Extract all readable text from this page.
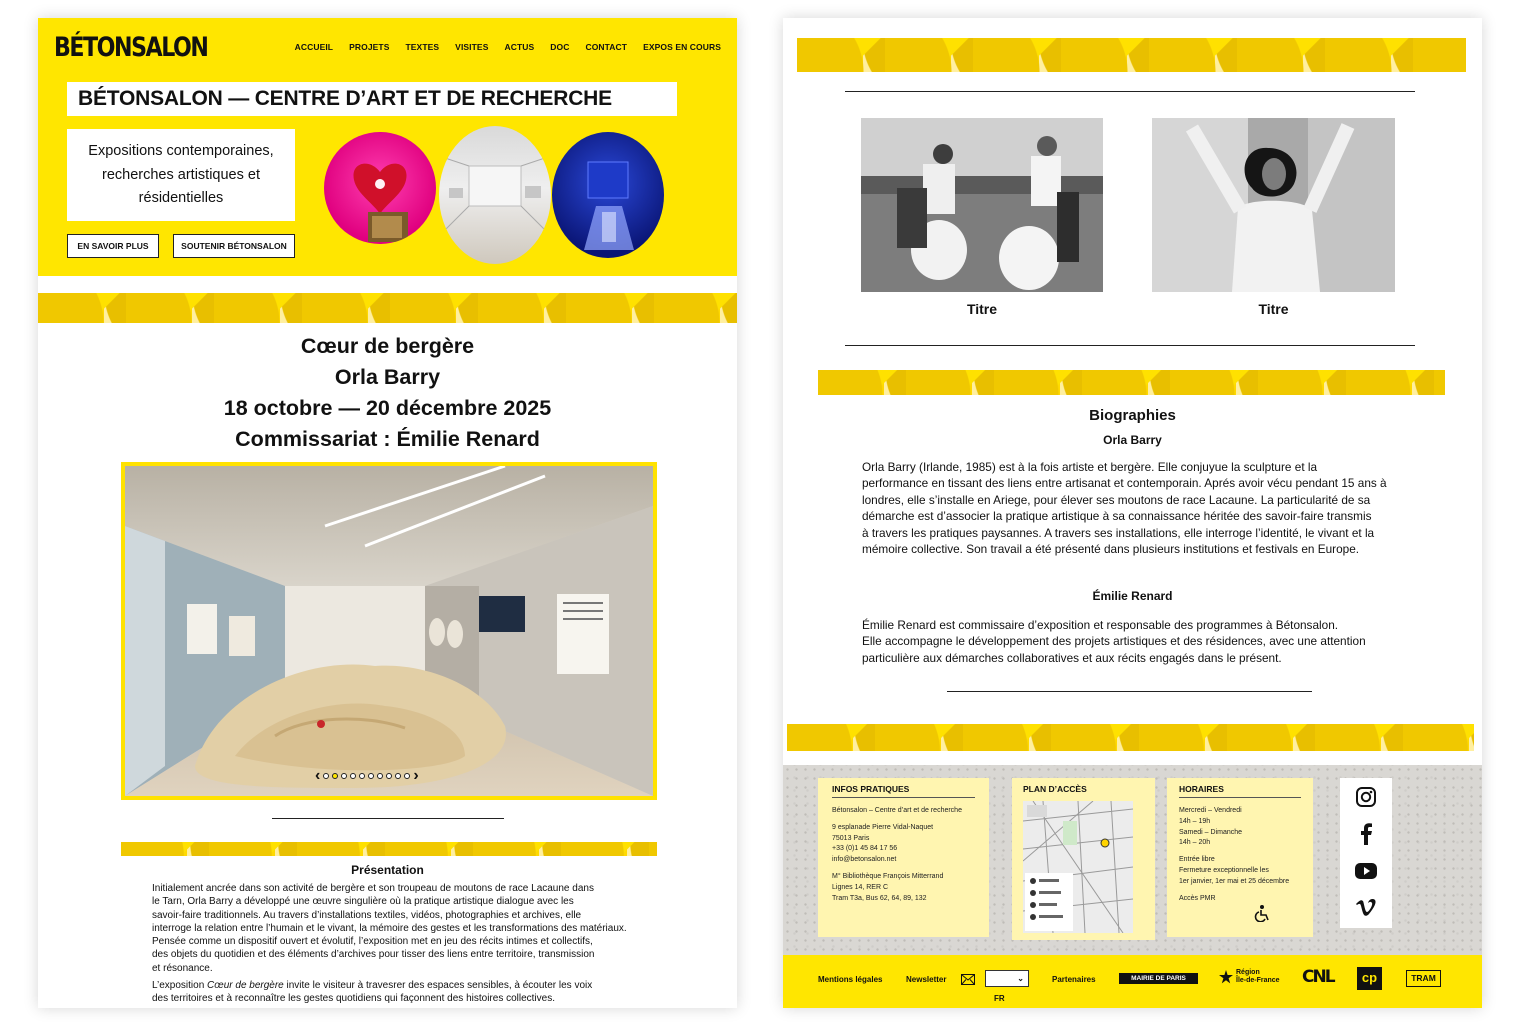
BÉTONSALON	ACCUEIL PROJETS TEXTES VISITES ACTUS DOC CONTACT EXPOS EN COURS
BÉTONSALON — CENTRE D’ART ET DE RECHERCHE
Expositions contemporaines,
recherches artistiques et
résidentielles
EN SAVOIR PLUS	SOUTENIR BÉTONSALON
Cœur de bergère
Orla Barry
18 octobre — 20 décembre 2025
Commissariat : Émilie Renard
‹	›
Présentation
Initialement ancrée dans son activité de bergère et son troupeau de moutons de race Lacaune dans
le Tarn, Orla Barry a développé une œuvre singulière où la pratique artistique dialogue avec les
savoir-faire traditionnels. Au travers d’installations textiles, vidéos, photographies et archives, elle
interroge la relation entre l’humain et le vivant, la mémoire des gestes et les transformations des matériaux.
Pensée comme un dispositif ouvert et évolutif, l’exposition met en jeu des récits intimes et collectifs,
des objets du quotidien et des éléments d’archives pour tisser des liens entre territoire, transmission
et résonance.
L’exposition Cœur de bergère invite le visiteur à travesrer des espaces sensibles, à écouter les voix
des territoires et à reconnaître les gestes quotidiens qui façonnent des histoires collectives.
Titre	Titre
Biographies
Orla Barry
Orla Barry (Irlande, 1985) est à la fois artiste et bergère. Elle conjuyue la sculpture et la
performance en tissant des liens entre artisanat et contemporain. Aprés avoir vécu pendant 15 ans à
londres, elle s’installe en Ariege, pour élever ses moutons de race Lacaune. La particularité de sa
démarche est d’associer la pratique artistique à sa connaissance héritée des savoir-faire transmis
à travers les pratiques paysannes. A travers ses installations, elle interroge l’identité, le vivant et la
mémoire collective. Son travail a été présenté dans plusieurs institutions et festivals en Europe.
Émilie Renard
Émilie Renard est commissaire d’exposition et responsable des programmes à Bétonsalon.
Elle accompagne le développement des projets artistiques et des résidences, avec une attention
particulière aux démarches collaboratives et aux récits engagés dans le présent.
INFOS PRATIQUES

Bétonsalon – Centre d’art et de recherche
9 esplanade Pierre Vidal-Naquet
75013 Paris
+33 (0)1 45 84 17 56
info@betonsalon.net
M° Bibliothèque François Mitterrand
Lignes 14, RER C
Tram T3a, Bus 62, 64, 89, 132

PLAN D’ACCÈS	HORAIRES

Mercredi – Vendredi
14h – 19h
Samedi – Dimanche
14h – 20h
Entrée libre
Fermeture exceptionnelle les
1er janvier, 1er mai et 25 décembre
Accès PMR

Mentions légales	Newsletter
FR
⌄	Partenaires	MAIRIE DE PARIS
Région
Île-de-France CNL	cp	TRAM
